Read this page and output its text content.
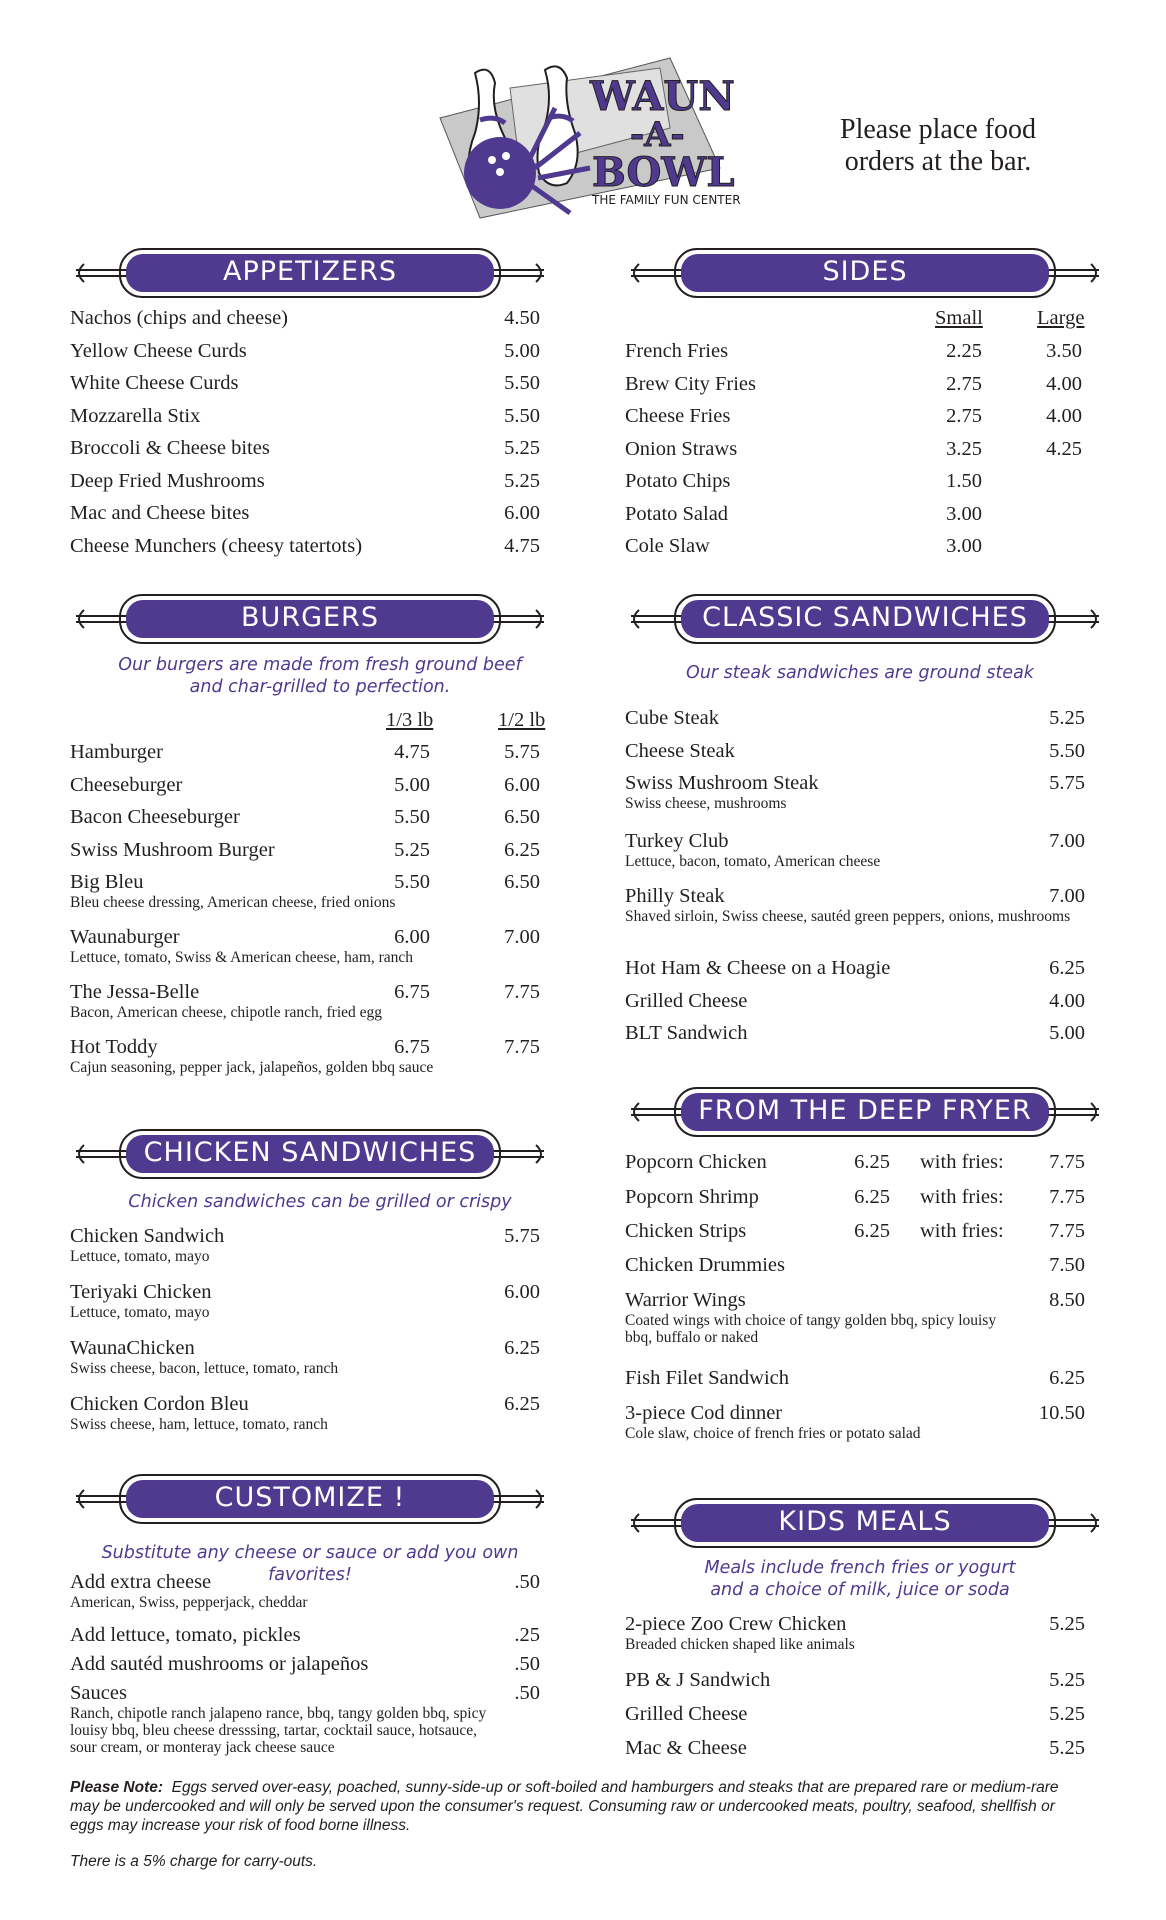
WAUN
-A-
BOWL
THE FAMILY FUN CENTER
Please place food orders at the bar.
APPETIZERS
Nachos (chips and cheese)	4.50
Yellow Cheese Curds	5.00
White Cheese Curds	5.50
Mozzarella Stix	5.50
Broccoli & Cheese bites	5.25
Deep Fried Mushrooms	5.25
Mac and Cheese bites	6.00
Cheese Munchers (cheesy tatertots)	4.75
SIDES
Small	Large
French Fries	2.25	3.50
Brew City Fries	2.75	4.00
Cheese Fries	2.75	4.00
Onion Straws	3.25	4.25
Potato Chips	1.50
Potato Salad	3.00
Cole Slaw	3.00
BURGERS
Our burgers are made from fresh ground beef and char-grilled to perfection.
1/3 lb	1/2 lb
Hamburger	4.75	5.75
Cheeseburger	5.00	6.00
Bacon Cheeseburger	5.50	6.50
Swiss Mushroom Burger	5.25	6.25
Big Bleu	5.50	6.50
Bleu cheese dressing, American cheese, fried onions
Waunaburger	6.00	7.00
Lettuce, tomato, Swiss & American cheese, ham, ranch
The Jessa-Belle	6.75	7.75
Bacon, American cheese, chipotle ranch, fried egg
Hot Toddy	6.75	7.75
Cajun seasoning, pepper jack, jalapeños, golden bbq sauce
CLASSIC SANDWICHES
Our steak sandwiches are ground steak
Cube Steak	5.25
Cheese Steak	5.50
Swiss Mushroom Steak	5.75
Swiss cheese, mushrooms
Turkey Club	7.00
Lettuce, bacon, tomato, American cheese
Philly Steak	7.00
Shaved sirloin, Swiss cheese, sautéd green peppers, onions, mushrooms
Hot Ham & Cheese on a Hoagie	6.25
Grilled Cheese	4.00
BLT Sandwich	5.00
CHICKEN SANDWICHES
Chicken sandwiches can be grilled or crispy
Chicken Sandwich	5.75
Lettuce, tomato, mayo
Teriyaki Chicken	6.00
Lettuce, tomato, mayo
WaunaChicken	6.25
Swiss cheese, bacon, lettuce, tomato, ranch
Chicken Cordon Bleu	6.25
Swiss cheese, ham, lettuce, tomato, ranch
FROM THE DEEP FRYER
Popcorn Chicken	6.25 with fries:	7.75
Popcorn Shrimp	6.25 with fries:	7.75
Chicken Strips	6.25 with fries:	7.75
Chicken Drummies	7.50
Warrior Wings	8.50
Coated wings with choice of tangy golden bbq, spicy louisy bbq, buffalo or naked
Fish Filet Sandwich	6.25
3-piece Cod dinner	10.50
Cole slaw, choice of french fries or potato salad
CUSTOMIZE !
Substitute any cheese or sauce or add you own favorites!
Add extra cheese	.50
American, Swiss, pepperjack, cheddar
Add lettuce, tomato, pickles	.25
Add sautéd mushrooms or jalapeños	.50
Sauces	.50
Ranch, chipotle ranch jalapeno rance, bbq, tangy golden bbq, spicy louisy bbq, bleu cheese dresssing, tartar, cocktail sauce, hotsauce, sour cream, or monteray jack cheese sauce
KIDS MEALS
Meals include french fries or yogurt and a choice of milk, juice or soda
2-piece Zoo Crew Chicken	5.25
Breaded chicken shaped like animals
PB & J Sandwich	5.25
Grilled Cheese	5.25
Mac & Cheese	5.25
Please Note: Eggs served over-easy, poached, sunny-side-up or soft-boiled and hamburgers and steaks that are prepared rare or medium-rare may be undercooked and will only be served upon the consumer's request. Consuming raw or undercooked meats, poultry, seafood, shellfish or eggs may increase your risk of food borne illness.
There is a 5% charge for carry-outs.
